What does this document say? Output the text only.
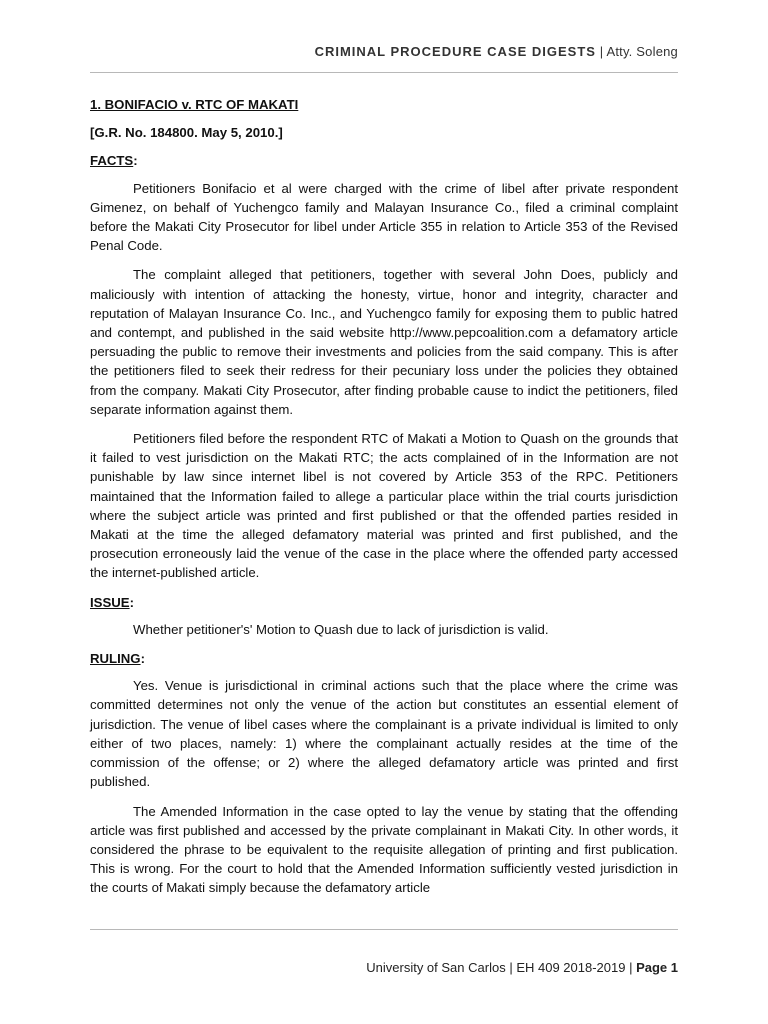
CRIMINAL PROCEDURE CASE DIGESTS | Atty. Soleng

1. BONIFACIO v. RTC OF MAKATI

[G.R. No. 184800. May 5, 2010.]

FACTS:

Petitioners Bonifacio et al were charged with the crime of libel after private respondent Gimenez, on behalf of Yuchengco family and Malayan Insurance Co., filed a criminal complaint before the Makati City Prosecutor for libel under Article 355 in relation to Article 353 of the Revised Penal Code.

The complaint alleged that petitioners, together with several John Does, publicly and maliciously with intention of attacking the honesty, virtue, honor and integrity, character and reputation of Malayan Insurance Co. Inc., and Yuchengco family for exposing them to public hatred and contempt, and published in the said website http://www.pepcoalition.com a defamatory article persuading the public to remove their investments and policies from the said company. This is after the petitioners filed to seek their redress for their pecuniary loss under the policies they obtained from the company. Makati City Prosecutor, after finding probable cause to indict the petitioners, filed separate information against them.

Petitioners filed before the respondent RTC of Makati a Motion to Quash on the grounds that it failed to vest jurisdiction on the Makati RTC; the acts complained of in the Information are not punishable by law since internet libel is not covered by Article 353 of the RPC. Petitioners maintained that the Information failed to allege a particular place within the trial courts jurisdiction where the subject article was printed and first published or that the offended parties resided in Makati at the time the alleged defamatory material was printed and first published, and the prosecution erroneously laid the venue of the case in the place where the offended party accessed the internet-published article.

ISSUE:

Whether petitioner's' Motion to Quash due to lack of jurisdiction is valid.

RULING:

Yes. Venue is jurisdictional in criminal actions such that the place where the crime was committed determines not only the venue of the action but constitutes an essential element of jurisdiction. The venue of libel cases where the complainant is a private individual is limited to only either of two places, namely: 1) where the complainant actually resides at the time of the commission of the offense; or 2) where the alleged defamatory article was printed and first published.

The Amended Information in the case opted to lay the venue by stating that the offending article was first published and accessed by the private complainant in Makati City. In other words, it considered the phrase to be equivalent to the requisite allegation of printing and first publication. This is wrong. For the court to hold that the Amended Information sufficiently vested jurisdiction in the courts of Makati simply because the defamatory article

University of San Carlos | EH 409 2018-2019 | Page 1
